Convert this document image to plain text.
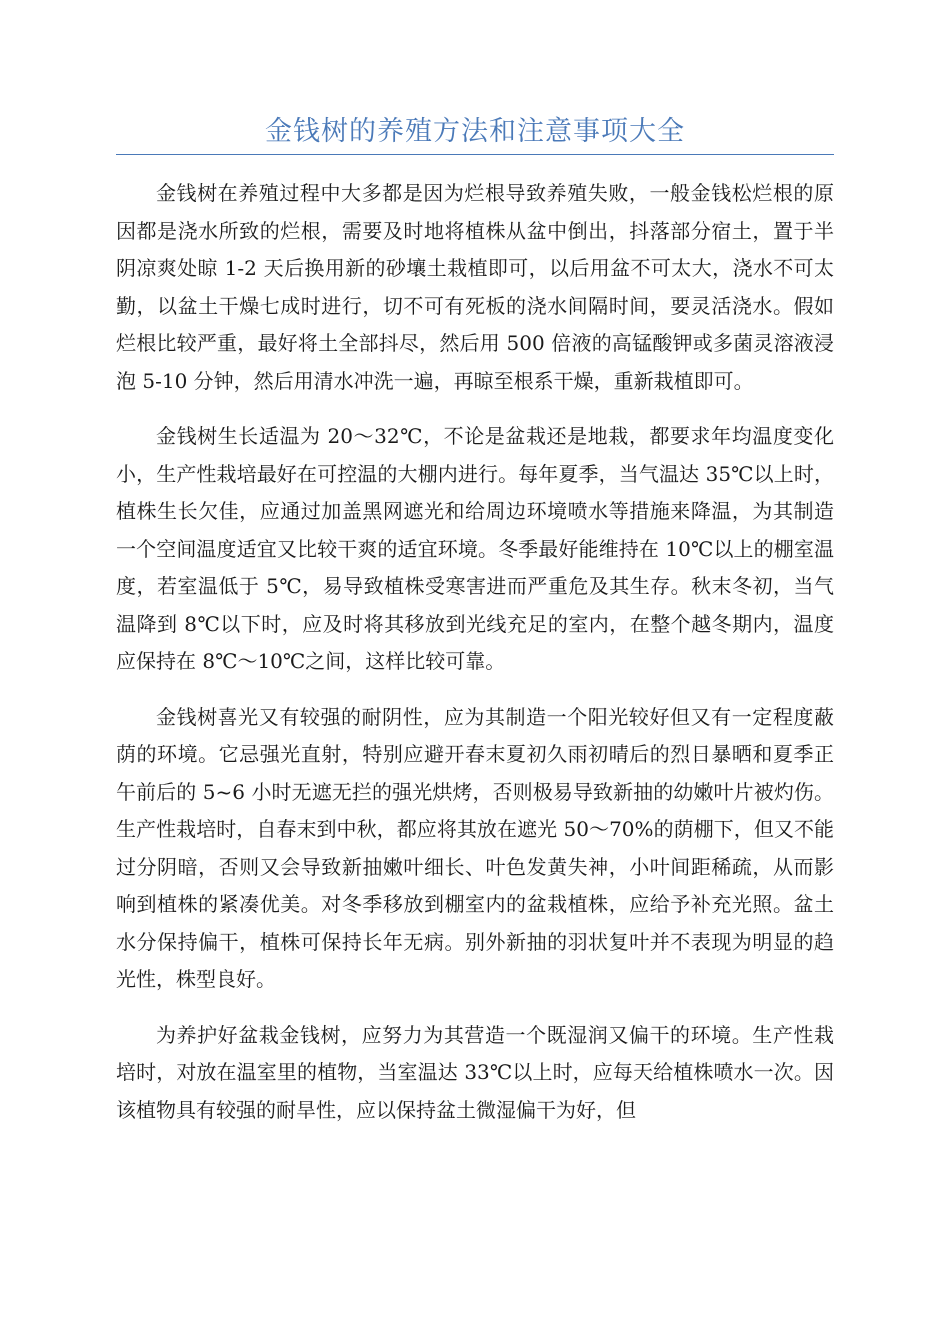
金钱树的养殖方法和注意事项大全

金钱树在养殖过程中大多都是因为烂根导致养殖失败，一般金钱松烂根的原因都是浇水所致的烂根，需要及时地将植株从盆中倒出，抖落部分宿土，置于半阴凉爽处晾 1-2 天后换用新的砂壤土栽植即可，以后用盆不可太大，浇水不可太勤，以盆土干燥七成时进行，切不可有死板的浇水间隔时间，要灵活浇水。假如烂根比较严重，最好将土全部抖尽，然后用 500 倍液的高锰酸钾或多菌灵溶液浸泡 5-10 分钟，然后用清水冲洗一遍，再晾至根系干燥，重新栽植即可。

金钱树生长适温为 20～32℃，不论是盆栽还是地栽，都要求年均温度变化小，生产性栽培最好在可控温的大棚内进行。每年夏季，当气温达 35℃以上时，植株生长欠佳，应通过加盖黑网遮光和给周边环境喷水等措施来降温，为其制造一个空间温度适宜又比较干爽的适宜环境。冬季最好能维持在 10℃以上的棚室温度，若室温低于 5℃，易导致植株受寒害进而严重危及其生存。秋末冬初，当气温降到 8℃以下时，应及时将其移放到光线充足的室内，在整个越冬期内，温度应保持在 8℃～10℃之间，这样比较可靠。

金钱树喜光又有较强的耐阴性，应为其制造一个阳光较好但又有一定程度蔽荫的环境。它忌强光直射，特别应避开春末夏初久雨初晴后的烈日暴晒和夏季正午前后的 5~6 小时无遮无拦的强光烘烤，否则极易导致新抽的幼嫩叶片被灼伤。生产性栽培时，自春末到中秋，都应将其放在遮光 50～70%的荫棚下，但又不能过分阴暗，否则又会导致新抽嫩叶细长、叶色发黄失神，小叶间距稀疏，从而影响到植株的紧凑优美。对冬季移放到棚室内的盆栽植株，应给予补充光照。盆土水分保持偏干，植株可保持长年无病。别外新抽的羽状复叶并不表现为明显的趋光性，株型良好。

为养护好盆栽金钱树，应努力为其营造一个既湿润又偏干的环境。生产性栽培时，对放在温室里的植物，当室温达 33℃以上时，应每天给植株喷水一次。因该植物具有较强的耐旱性，应以保持盆土微湿偏干为好，但
